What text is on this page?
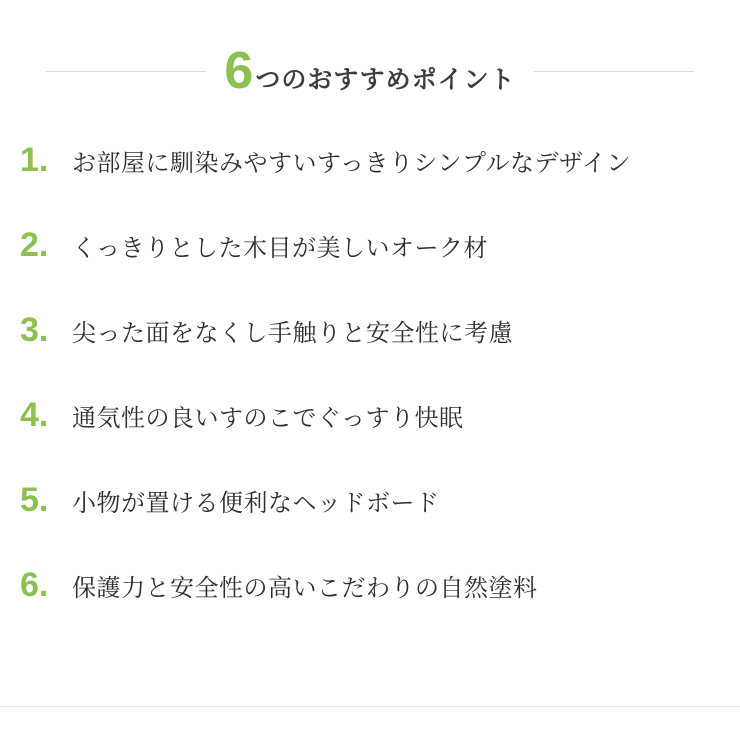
6 つのおすすめポイント
1. お部屋に馴染みやすいすっきりシンプルなデザイン
2. くっきりとした木目が美しいオーク材
3. 尖った面をなくし手触りと安全性に考慮
4. 通気性の良いすのこでぐっすり快眠
5. 小物が置ける便利なヘッドボード
6. 保護力と安全性の高いこだわりの自然塗料
